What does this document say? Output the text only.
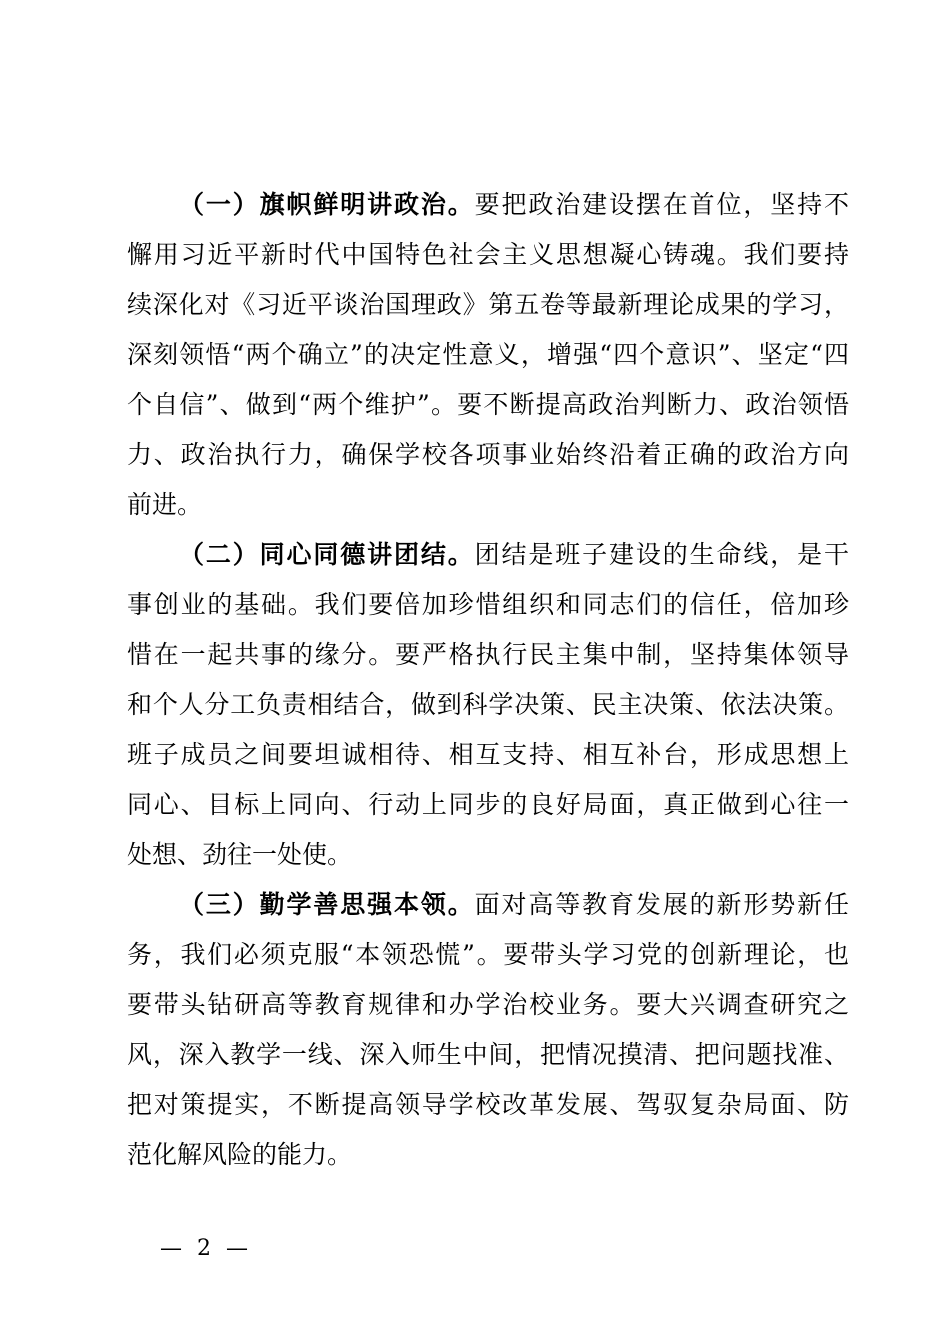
（一）旗帜鲜明讲政治。要把政治建设摆在首位，坚持不
懈用习近平新时代中国特色社会主义思想凝心铸魂。我们要持
续深化对《习近平谈治国理政》第五卷等最新理论成果的学习，
深刻领悟“两个确立”的决定性意义，增强“四个意识”、坚定“四
个自信”、做到“两个维护”。要不断提高政治判断力、政治领悟
力、政治执行力，确保学校各项事业始终沿着正确的政治方向
前进。
（二）同心同德讲团结。团结是班子建设的生命线，是干
事创业的基础。我们要倍加珍惜组织和同志们的信任，倍加珍
惜在一起共事的缘分。要严格执行民主集中制，坚持集体领导
和个人分工负责相结合，做到科学决策、民主决策、依法决策。
班子成员之间要坦诚相待、相互支持、相互补台，形成思想上
同心、目标上同向、行动上同步的良好局面，真正做到心往一
处想、劲往一处使。
（三）勤学善思强本领。面对高等教育发展的新形势新任
务，我们必须克服“本领恐慌”。要带头学习党的创新理论，也
要带头钻研高等教育规律和办学治校业务。要大兴调查研究之
风，深入教学一线、深入师生中间，把情况摸清、把问题找准、
把对策提实，不断提高领导学校改革发展、驾驭复杂局面、防
范化解风险的能力。
— 2 —
